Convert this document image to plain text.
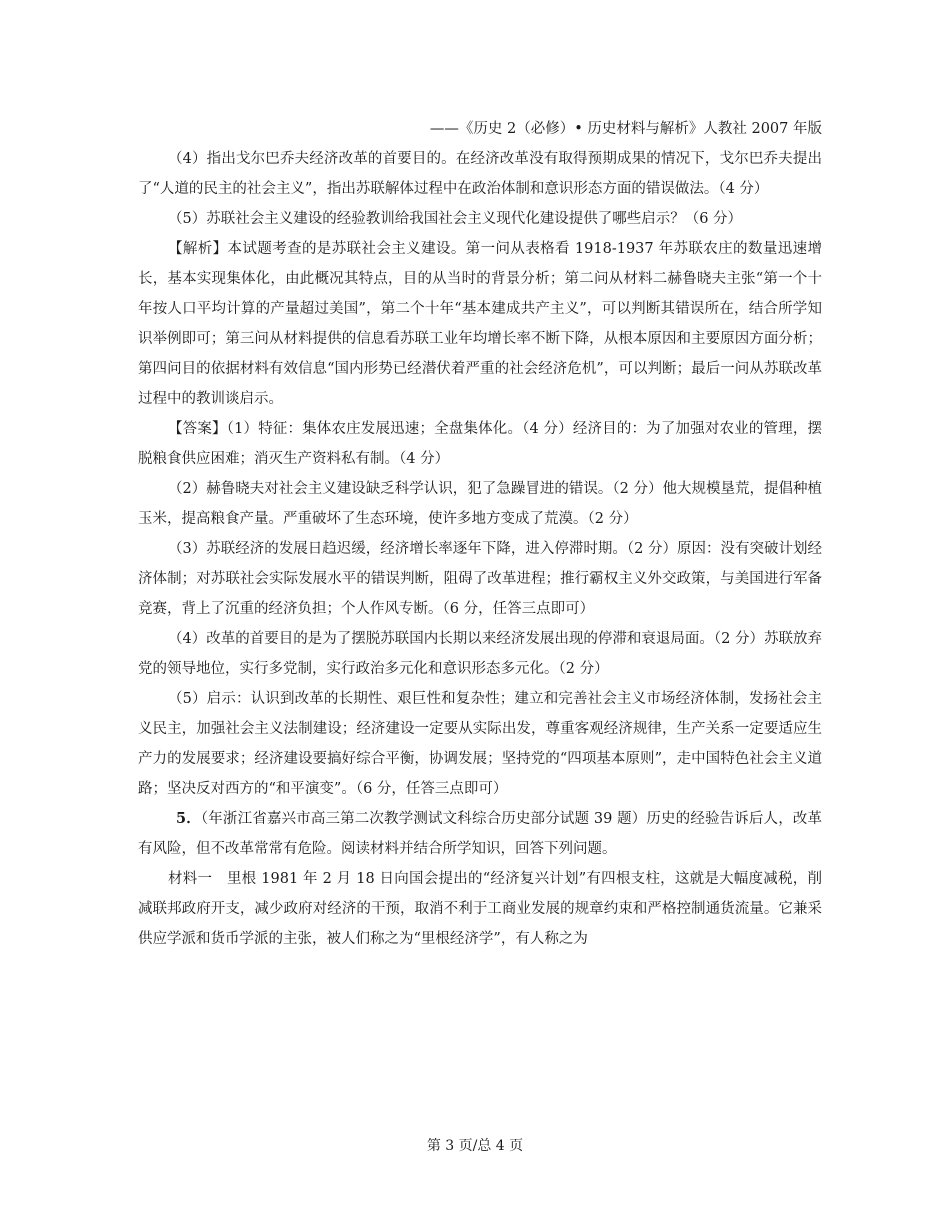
——《历史 2（必修）• 历史材料与解析》人教社 2007 年版

（4）指出戈尔巴乔夫经济改革的首要目的。在经济改革没有取得预期成果的情况下，戈尔巴乔夫提出了“人道的民主的社会主义”，指出苏联解体过程中在政治体制和意识形态方面的错误做法。（4 分）

（5）苏联社会主义建设的经验教训给我国社会主义现代化建设提供了哪些启示？（6 分）

【解析】本试题考查的是苏联社会主义建设。第一问从表格看 1918-1937 年苏联农庄的数量迅速增长，基本实现集体化，由此概况其特点，目的从当时的背景分析；第二问从材料二赫鲁晓夫主张“第一个十年按人口平均计算的产量超过美国”，第二个十年“基本建成共产主义”，可以判断其错误所在，结合所学知识举例即可；第三问从材料提供的信息看苏联工业年均增长率不断下降，从根本原因和主要原因方面分析；第四问目的依据材料有效信息“国内形势已经潜伏着严重的社会经济危机”，可以判断；最后一问从苏联改革过程中的教训谈启示。

【答案】（1）特征：集体农庄发展迅速；全盘集体化。（4 分）经济目的：为了加强对农业的管理，摆脱粮食供应困难；消灭生产资料私有制。（4 分）

（2）赫鲁晓夫对社会主义建设缺乏科学认识，犯了急躁冒进的错误。（2 分）他大规模垦荒，提倡种植玉米，提高粮食产量。严重破坏了生态环境，使许多地方变成了荒漠。（2 分）

（3）苏联经济的发展日趋迟缓，经济增长率逐年下降，进入停滞时期。（2 分）原因：没有突破计划经济体制；对苏联社会实际发展水平的错误判断，阻碍了改革进程；推行霸权主义外交政策，与美国进行军备竞赛，背上了沉重的经济负担；个人作风专断。（6 分，任答三点即可）

（4）改革的首要目的是为了摆脱苏联国内长期以来经济发展出现的停滞和衰退局面。（2 分）苏联放弃党的领导地位，实行多党制，实行政治多元化和意识形态多元化。（2 分）

（5）启示：认识到改革的长期性、艰巨性和复杂性；建立和完善社会主义市场经济体制，发扬社会主义民主，加强社会主义法制建设；经济建设一定要从实际出发，尊重客观经济规律，生产关系一定要适应生产力的发展要求；经济建设要搞好综合平衡，协调发展；坚持党的“四项基本原则”，走中国特色社会主义道路；坚决反对西方的“和平演变”。（6 分，任答三点即可）

5．（年浙江省嘉兴市高三第二次教学测试文科综合历史部分试题 39 题）历史的经验告诉后人，改革有风险，但不改革常常有危险。阅读材料并结合所学知识，回答下列问题。

材料一　里根 1981 年 2 月 18 日向国会提出的“经济复兴计划”有四根支柱，这就是大幅度减税，削减联邦政府开支，减少政府对经济的干预，取消不利于工商业发展的规章约束和严格控制通货流量。它兼采供应学派和货币学派的主张，被人们称之为“里根经济学”，有人称之为

第 3 页/总 4 页
